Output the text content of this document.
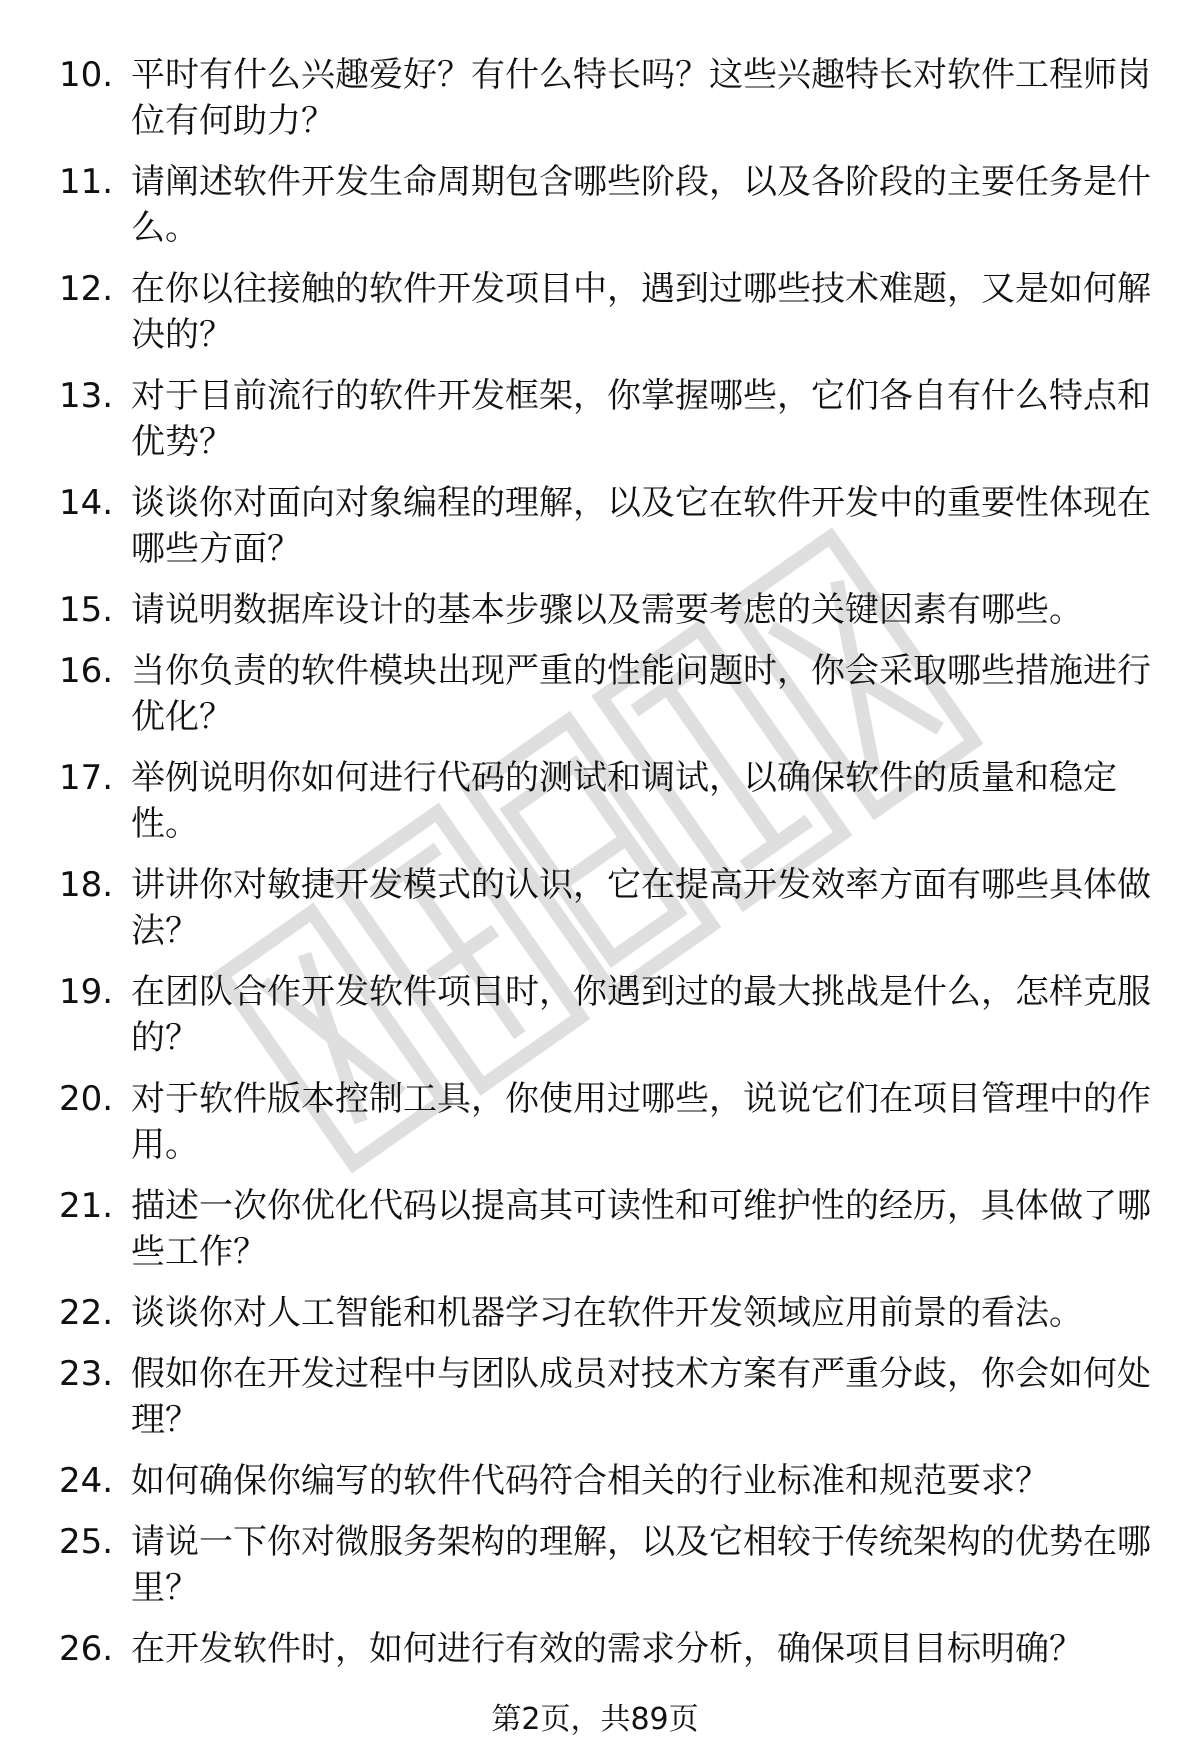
10. 平时有什么兴趣爱好？有什么特长吗？这些兴趣特长对软件工程师岗位有何助力？
11. 请阐述软件开发生命周期包含哪些阶段，以及各阶段的主要任务是什么。
12. 在你以往接触的软件开发项目中，遇到过哪些技术难题，又是如何解决的？
13. 对于目前流行的软件开发框架，你掌握哪些，它们各自有什么特点和优势？
14. 谈谈你对面向对象编程的理解，以及它在软件开发中的重要性体现在哪些方面？
15. 请说明数据库设计的基本步骤以及需要考虑的关键因素有哪些。
16. 当你负责的软件模块出现严重的性能问题时，你会采取哪些措施进行优化？
17. 举例说明你如何进行代码的测试和调试，以确保软件的质量和稳定性。
18. 讲讲你对敏捷开发模式的认识，它在提高开发效率方面有哪些具体做法？
19. 在团队合作开发软件项目时，你遇到过的最大挑战是什么，怎样克服的？
20. 对于软件版本控制工具，你使用过哪些，说说它们在项目管理中的作用。
21. 描述一次你优化代码以提高其可读性和可维护性的经历，具体做了哪些工作？
22. 谈谈你对人工智能和机器学习在软件开发领域应用前景的看法。
23. 假如你在开发过程中与团队成员对技术方案有严重分歧，你会如何处理？
24. 如何确保你编写的软件代码符合相关的行业标准和规范要求？
25. 请说一下你对微服务架构的理解，以及它相较于传统架构的优势在哪里？
26. 在开发软件时，如何进行有效的需求分析，确保项目目标明确？
第2页，共89页
